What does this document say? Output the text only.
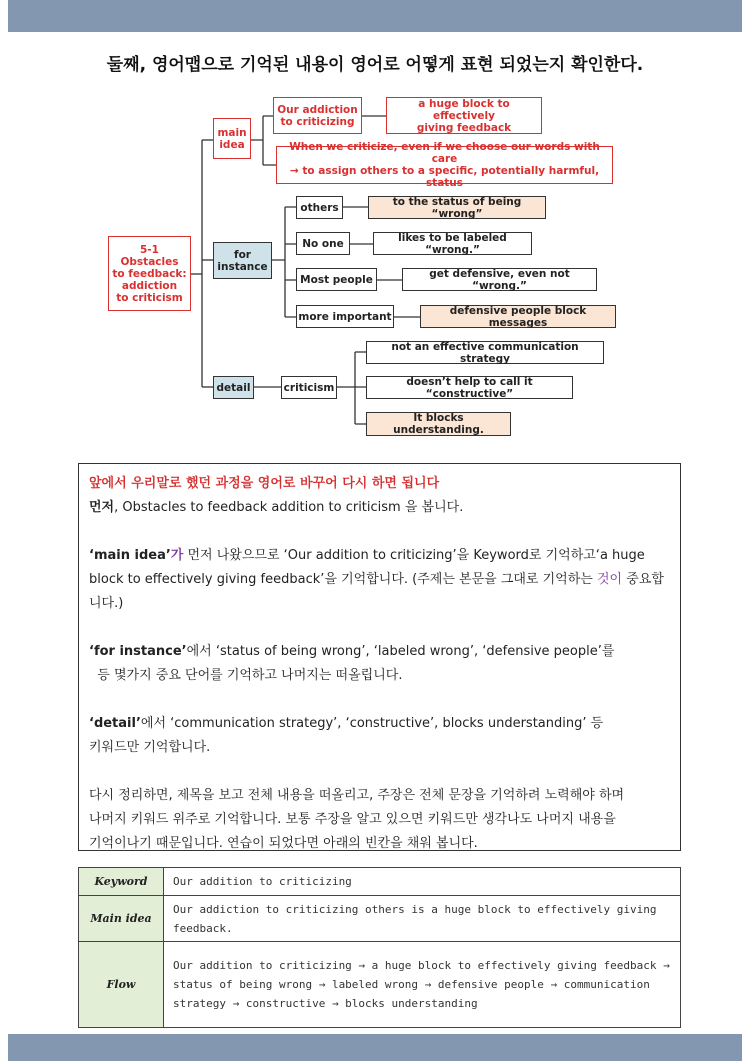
둘째, 영어맵으로 기억된 내용이 영어로 어떻게 표현 되었는지 확인한다.
5-1
Obstacles
to feedback:
addiction
to criticism
main
idea
Our addiction
to criticizing
a huge block to effectively
giving feedback
When we criticize, even if we choose our words with care
→ to assign others to a specific, potentially harmful, status
for
instance
others	to the status of being “wrong”
No one	likes to be labeled “wrong.”
Most people	get defensive, even not “wrong.”
more important	defensive people block messages
detail	criticism
not an effective communication strategy
doesn’t help to call it “constructive”
It blocks understanding.

앞에서 우리말로 했던 과정을 영어로 바꾸어 다시 하면 됩니다

먼저, Obstacles to feedback addition to criticism 을 봅니다.

‘main idea’가 먼저 나왔으므로 ‘Our addition to criticizing’을 Keyword로 기억하고‘a huge block to effectively giving feedback’을 기억합니다. (주제는 본문을 그대로 기억하는 것이 중요합니다.)

‘for instance’에서 ‘status of being wrong’, ‘labeled wrong’, ‘defensive people’를

등 몇가지 중요 단어를 기억하고 나머지는 떠올립니다.

‘detail’에서 ‘communication strategy’, ‘constructive’, blocks understanding’ 등

키워드만 기억합니다.

다시 정리하면, 제목을 보고 전체 내용을 떠올리고, 주장은 전체 문장을 기억하려 노력해야 하며

나머지 키워드 위주로 기억합니다. 보통 주장을 알고 있으면 키워드만 생각나도 나머지 내용을

기억이나기 때문입니다. 연습이 되었다면 아래의 빈칸을 채워 봅니다.

Keyword	Our addition to criticizing
Main idea	Our addiction to criticizing others is a huge block to effectively giving feedback.
Flow	Our addition to criticizing → a huge block to effectively giving feedback → status of being wrong → labeled wrong → defensive people → communication strategy → constructive → blocks understanding
